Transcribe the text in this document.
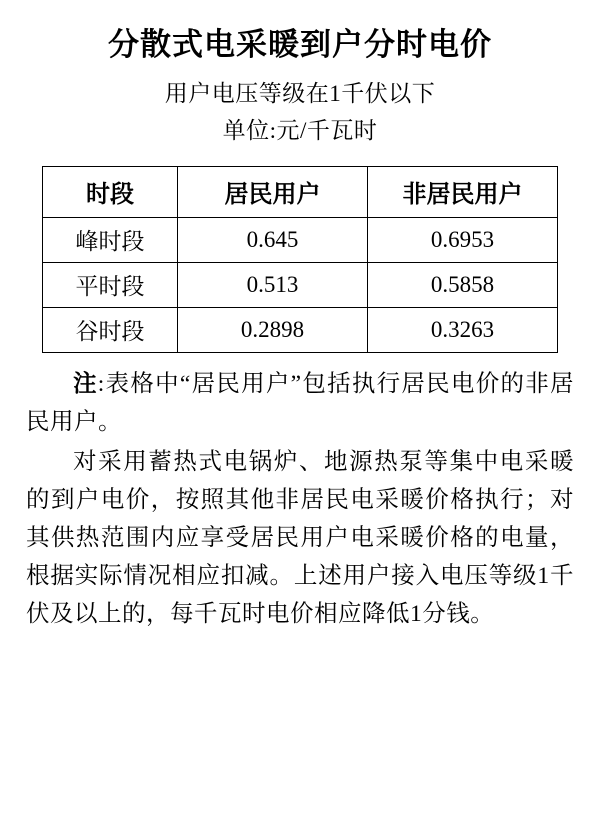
分散式电采暖到户分时电价
用户电压等级在1千伏以下
单位:元/千瓦时
时段	居民用户	非居民用户
峰时段	0.645	0.6953
平时段	0.513	0.5858
谷时段	0.2898	0.3263

注:表格中“居民用户”包括执行居民电价的非居民用户。

对采用蓄热式电锅炉、地源热泵等集中电采暖的到户电价，按照其他非居民电采暖价格执行；对其供热范围内应享受居民用户电采暖价格的电量，根据实际情况相应扣减。上述用户接入电压等级1千伏及以上的，每千瓦时电价相应降低1分钱。
